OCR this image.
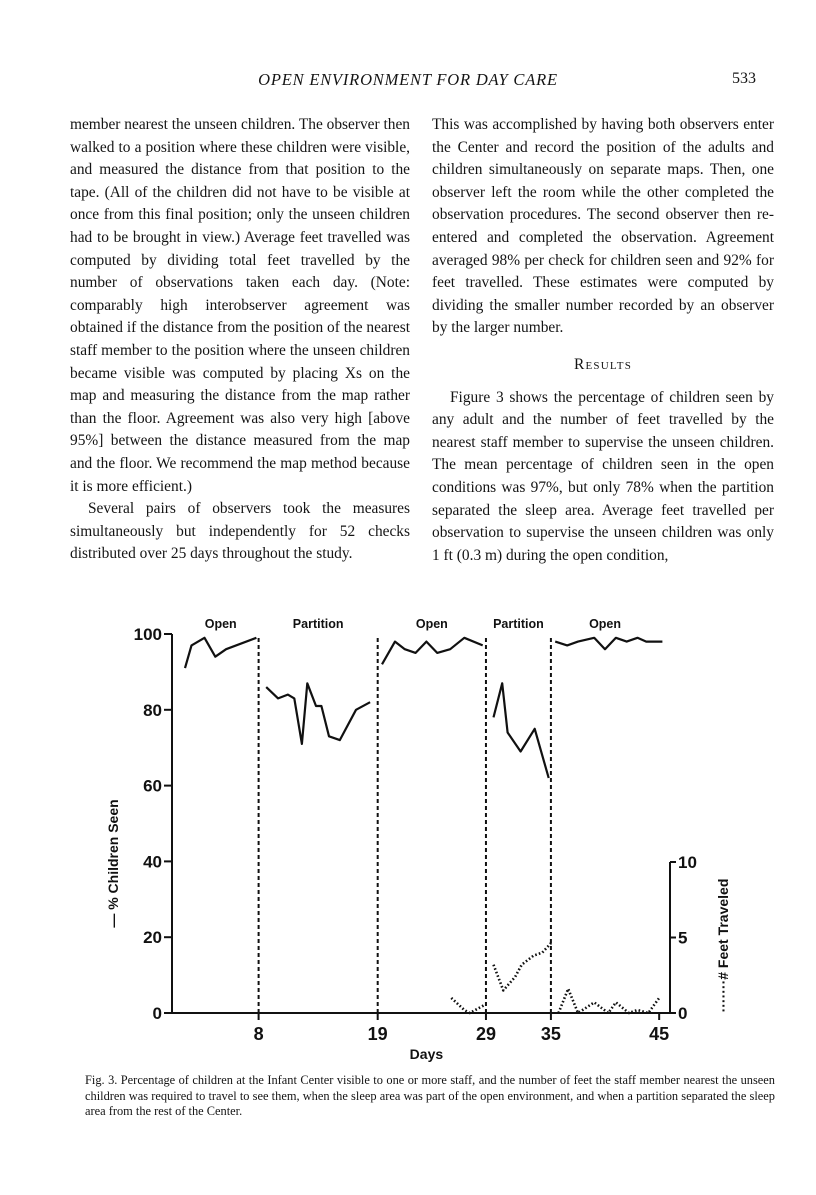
OPEN ENVIRONMENT FOR DAY CARE	533

member nearest the unseen children. The observer then walked to a position where these children were visible, and measured the distance from that position to the tape. (All of the children did not have to be visible at once from this final position; only the unseen children had to be brought in view.) Average feet travelled was computed by dividing total feet travelled by the number of observations taken each day. (Note: comparably high interobserver agreement was obtained if the distance from the position of the nearest staff member to the position where the unseen children became visible was computed by placing Xs on the map and measuring the distance from the map rather than the floor. Agreement was also very high [above 95%] between the distance measured from the map and the floor. We recommend the map method because it is more efficient.)

Several pairs of observers took the measures simultaneously but independently for 52 checks distributed over 25 days throughout the study.

This was accomplished by having both observers enter the Center and record the position of the adults and children simultaneously on separate maps. Then, one observer left the room while the other completed the observation procedures. The second observer then re-entered and completed the observation. Agreement averaged 98% per check for children seen and 92% for feet travelled. These estimates were computed by dividing the smaller number recorded by an observer by the larger number.

Results

Figure 3 shows the percentage of children seen by any adult and the number of feet travelled by the nearest staff member to supervise the unseen children. The mean percentage of children seen in the open conditions was 97%, but only 78% when the partition separated the sleep area. Average feet travelled per observation to supervise the unseen children was only 1 ft (0.3 m) during the open condition,

0
20
40
60
80
100
8	19	29 35	45
Days
0
5
10
— % Children Seen
·······# Feet Traveled
Open	Partition	Open	Partition	Open
Fig. 3. Percentage of children at the Infant Center visible to one or more staff, and the number of feet the staff member nearest the unseen children was required to travel to see them, when the sleep area was part of the open environment, and when a partition separated the sleep area from the rest of the Center.
